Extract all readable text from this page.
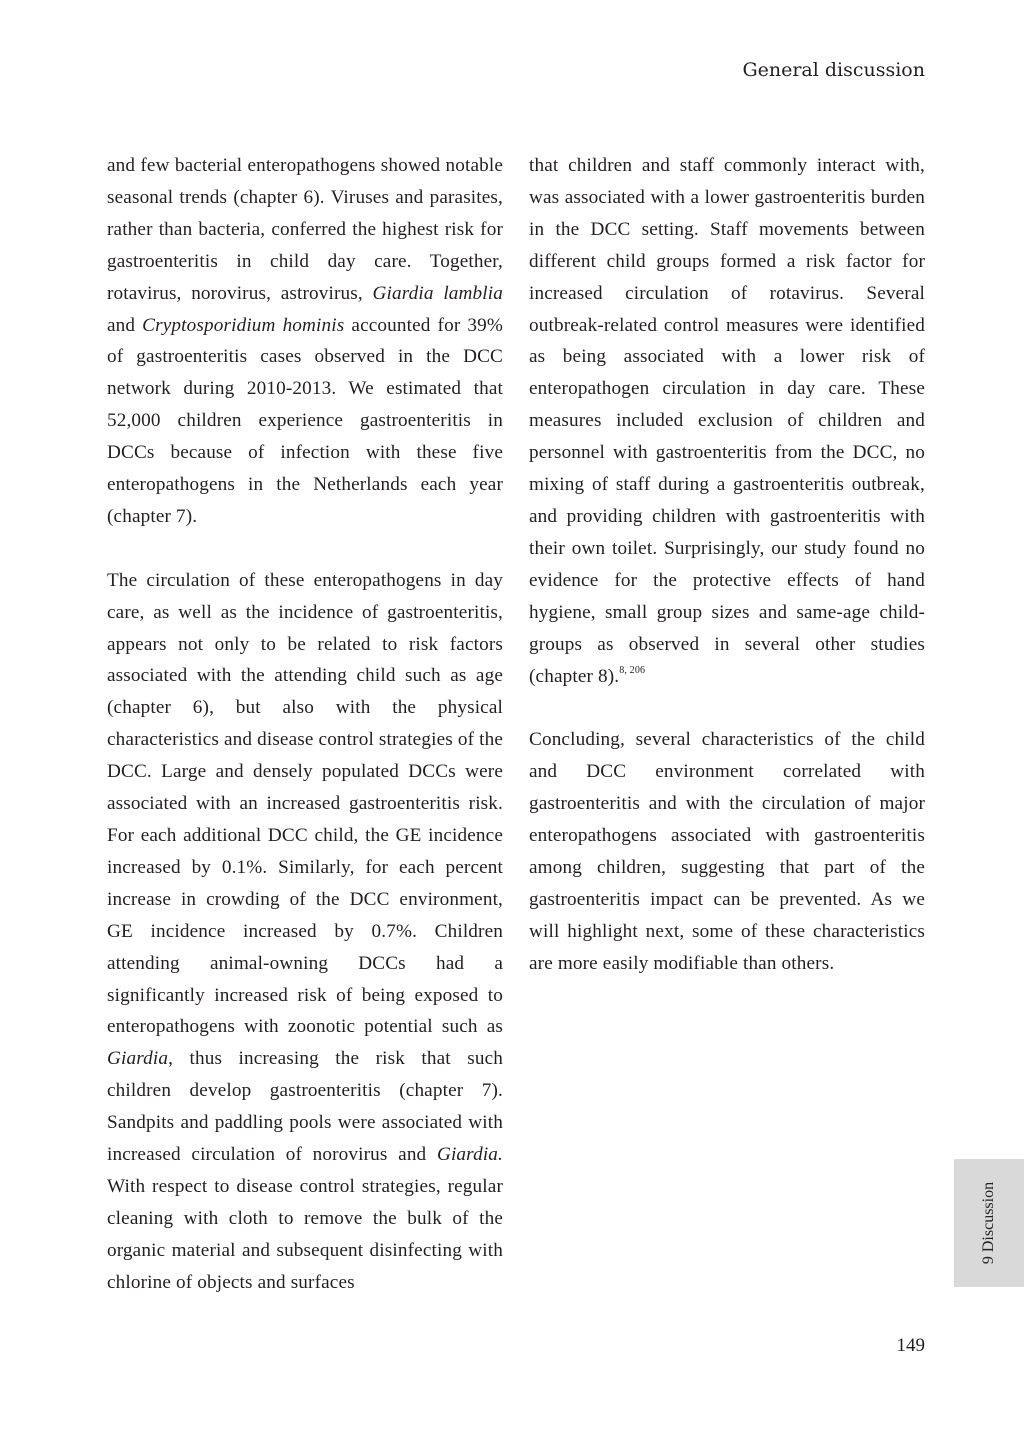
General discussion

and few bacterial enteropathogens showed notable seasonal trends (chapter 6). Viruses and parasites, rather than bacteria, conferred the highest risk for gastroenteritis in child day care. Together, rotavirus, norovirus, astrovirus, Giardia lamblia and Cryptosporidium hominis accounted for 39% of gastroenteritis cases observed in the DCC network during 2010-2013. We estimated that 52,000 children experience gastroenteritis in DCCs because of infection with these five enteropathogens in the Netherlands each year (chapter 7).

The circulation of these enteropathogens in day care, as well as the incidence of gastroenteritis, appears not only to be related to risk factors associated with the attending child such as age (chapter 6), but also with the physical characteristics and disease control strategies of the DCC. Large and densely populated DCCs were associated with an increased gastroenteritis risk. For each additional DCC child, the GE incidence increased by 0.1%. Similarly, for each percent increase in crowding of the DCC environment, GE incidence increased by 0.7%. Children attending animal-owning DCCs had a significantly increased risk of being exposed to enteropathogens with zoonotic potential such as Giardia, thus increasing the risk that such children develop gastroenteritis (chapter 7). Sandpits and paddling pools were associated with increased circulation of norovirus and Giardia. With respect to disease control strategies, regular cleaning with cloth to remove the bulk of the organic material and subsequent disinfecting with chlorine of objects and surfaces

that children and staff commonly interact with, was associated with a lower gastroenteritis burden in the DCC setting. Staff movements between different child groups formed a risk factor for increased circulation of rotavirus. Several outbreak-related control measures were identified as being associated with a lower risk of enteropathogen circulation in day care. These measures included exclusion of children and personnel with gastroenteritis from the DCC, no mixing of staff during a gastroenteritis outbreak, and providing children with gastroenteritis with their own toilet. Surprisingly, our study found no evidence for the protective effects of hand hygiene, small group sizes and same-age child-groups as observed in several other studies (chapter 8).$^{8, 206}$

Concluding, several characteristics of the child and DCC environment correlated with gastroenteritis and with the circulation of major enteropathogens associated with gastroenteritis among children, suggesting that part of the gastroenteritis impact can be prevented. As we will highlight next, some of these characteristics are more easily modifiable than others.

9 Discussion
149
